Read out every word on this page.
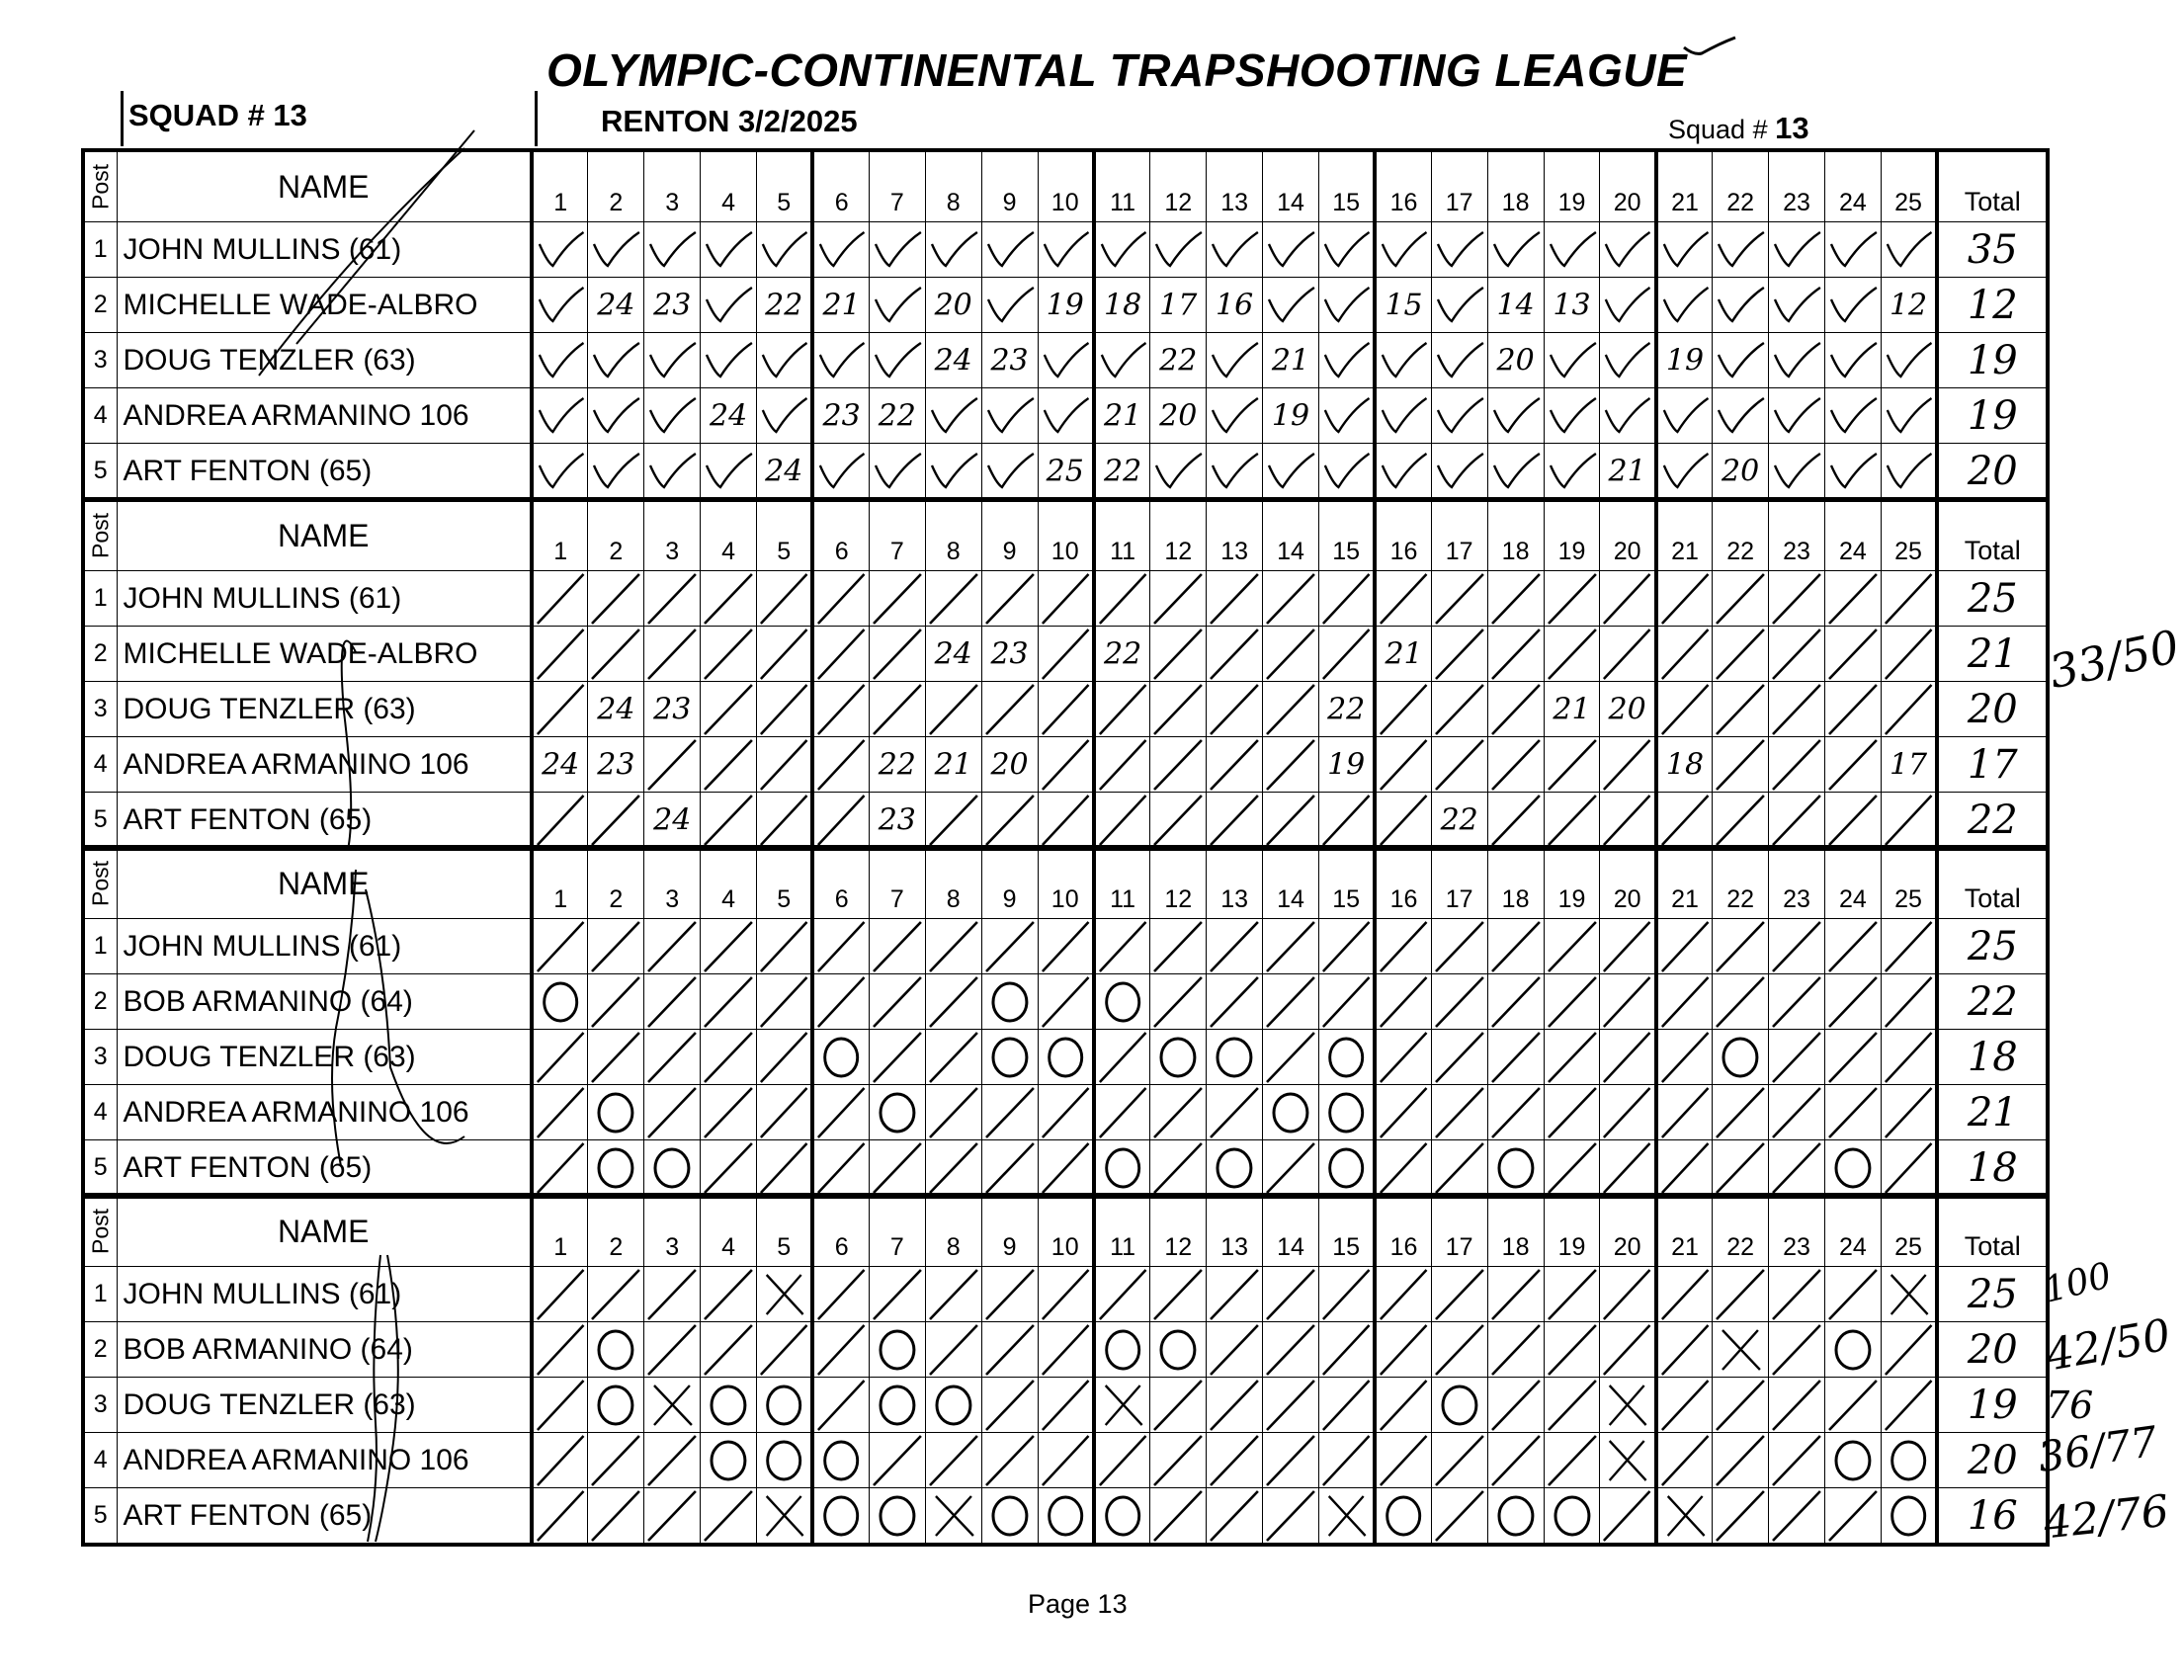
OLYMPIC-CONTINENTAL TRAPSHOOTING LEAGUE
SQUAD # 13	RENTON 3/2/2025	Squad # 13
Post	NAME	1	2	3	4	5	6	7	8	9	10	11	12	13	14	15	16	17	18	19	20	21	22	23	24	25	Total
1	JOHN MULLINS (61)																										35
2	MICHELLE WADE-ALBRO		24	23		22	21		20		19	18	17	16			15		14	13						12	12
3	DOUG TENZLER (63)								24	23			22		21				20			19					19
4	ANDREA ARMANINO 106				24		23	22				21	20		19												19
5	ART FENTON (65)					24					25	22									21		20				20
Post	NAME	1	2	3	4	5	6	7	8	9	10	11	12	13	14	15	16	17	18	19	20	21	22	23	24	25	Total
1	JOHN MULLINS (61)																										25
2	MICHELLE WADE-ALBRO								24	23		22					21										21
3	DOUG TENZLER (63)		24	23												22				21	20						20
4	ANDREA ARMANINO 106	24	23					22	21	20						19						18				17	17
5	ART FENTON (65)			24				23										22									22
Post	NAME	1	2	3	4	5	6	7	8	9	10	11	12	13	14	15	16	17	18	19	20	21	22	23	24	25	Total
1	JOHN MULLINS (61)																										25
2	BOB ARMANINO (64)																										22
3	DOUG TENZLER (63)																										18
4	ANDREA ARMANINO 106																										21
5	ART FENTON (65)																										18
Post	NAME	1	2	3	4	5	6	7	8	9	10	11	12	13	14	15	16	17	18	19	20	21	22	23	24	25	Total
1	JOHN MULLINS (61)																										25
2	BOB ARMANINO (64)																										20
3	DOUG TENZLER (63)																										19
4	ANDREA ARMANINO 106																										20
5	ART FENTON (65)																										16
33/50
100
42/50
76
36/77
42/76
Page 13
